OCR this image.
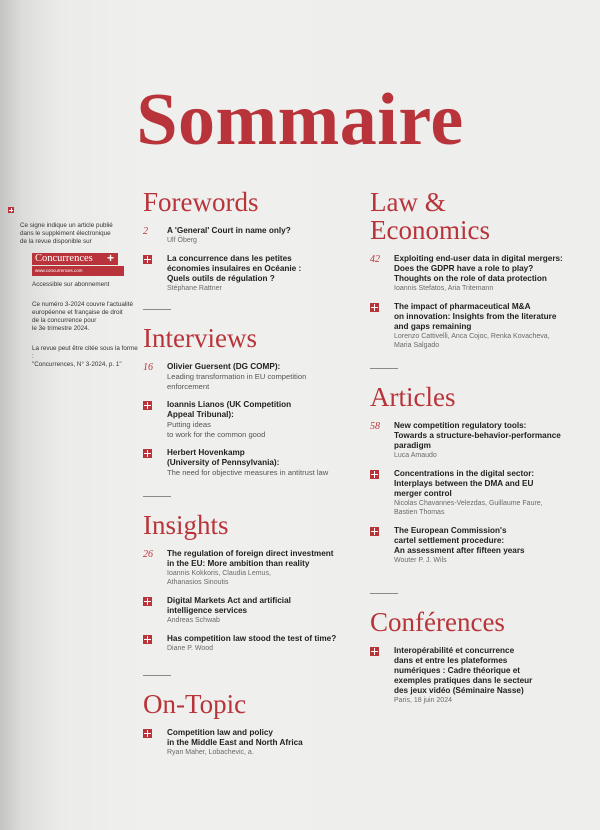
Sommaire

Ce signe indique un article publié
dans le supplément électronique
de la revue disponible sur

Concurrences +
www.concurrences.com
Accessible sur abonnement
Ce numéro 3-2024 couvre l'actualité
européenne et française de droit
de la concurrence pour
le 3e trimestre 2024.
La revue peut être citée sous la forme :
"Concurrences, N° 3-2024, p. 1"
Forewords
2 A 'General' Court in name only?
Ulf Öberg
La concurrence dans les petites
économies insulaires en Océanie :
Quels outils de régulation ?
Stéphane Rattner
Interviews
16 Olivier Guersent (DG COMP):
Leading transformation in EU competition
enforcement
Ioannis Lianos (UK Competition
Appeal Tribunal):
Putting ideas
to work for the common good
Herbert Hovenkamp
(University of Pennsylvania):
The need for objective measures in antitrust law
Insights
26 The regulation of foreign direct investment
in the EU: More ambition than reality
Ioannis Kokkoris, Claudia Lemus,
Athanasios Sinoutis
Digital Markets Act and artificial
intelligence services
Andreas Schwab
Has competition law stood the test of time?
Diane P. Wood
On-Topic
Competition law and policy
in the Middle East and North Africa
Ryan Maher, Lobachevic, a.
Law &
Economics
42 Exploiting end-user data in digital mergers:
Does the GDPR have a role to play?
Thoughts on the role of data protection
Ioannis Stefatos, Aria Tritemann
The impact of pharmaceutical M&A
on innovation: Insights from the literature
and gaps remaining
Lorenzo Cattivelli, Anca Cojoc, Renka Kovacheva,
Maria Salgado
Articles
58 New competition regulatory tools:
Towards a structure-behavior-performance
paradigm
Luca Amaudo
Concentrations in the digital sector:
Interplays between the DMA and EU
merger control
Nicolas Chavannes-Velezdas, Guillaume Faure,
Bastien Thomas
The European Commission's
cartel settlement procedure:
An assessment after fifteen years
Wouter P. J. Wils
Conférences
Interopérabilité et concurrence
dans et entre les plateformes
numériques : Cadre théorique et
exemples pratiques dans le secteur
des jeux vidéo (Séminaire Nasse)
Paris, 18 juin 2024
